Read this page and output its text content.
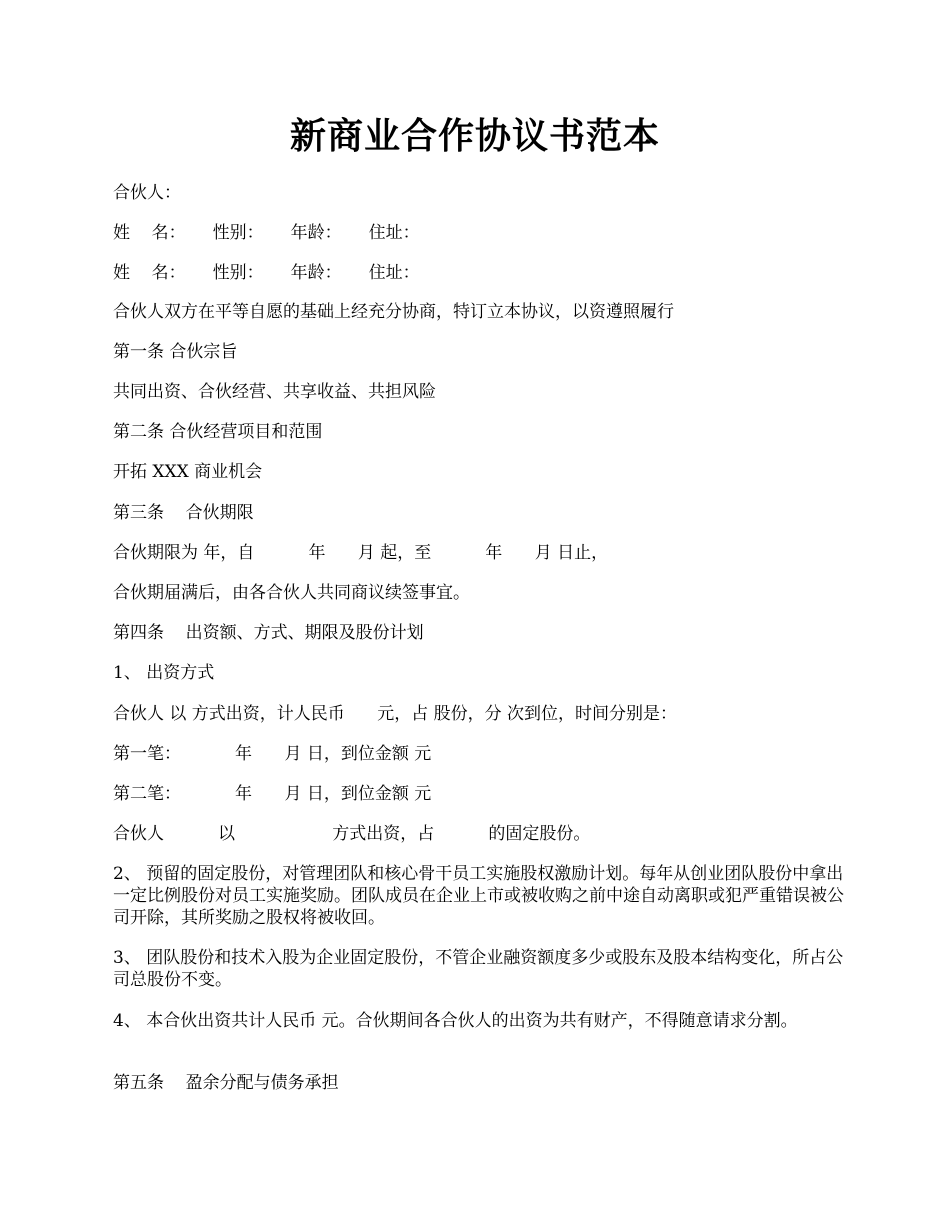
新商业合作协议书范本
合伙人：
姓    名：     性别：     年龄：     住址：
姓    名：     性别：     年龄：     住址：
合伙人双方在平等自愿的基础上经充分协商，特订立本协议，以资遵照履行
第一条 合伙宗旨
共同出资、合伙经营、共享收益、共担风险
第二条 合伙经营项目和范围
开拓 XXX 商业机会
第三条    合伙期限
合伙期限为 年，自          年      月 起，至          年      月 日止，
合伙期届满后，由各合伙人共同商议续签事宜。
第四条    出资额、方式、期限及股份计划
1、 出资方式
合伙人 以 方式出资，计人民币      元，占 股份，分 次到位，时间分别是：
第一笔：          年      月 日，到位金额 元
第二笔：          年      月 日，到位金额 元
合伙人          以                  方式出资，占          的固定股份。
2、 预留的固定股份，对管理团队和核心骨干员工实施股权激励计划。每年从创业团队股份中拿出一定比例股份对员工实施奖励。团队成员在企业上市或被收购之前中途自动离职或犯严重错误被公司开除，其所奖励之股权将被收回。
3、 团队股份和技术入股为企业固定股份，不管企业融资额度多少或股东及股本结构变化，所占公司总股份不变。
4、 本合伙出资共计人民币 元。合伙期间各合伙人的出资为共有财产，不得随意请求分割。
第五条    盈余分配与债务承担
